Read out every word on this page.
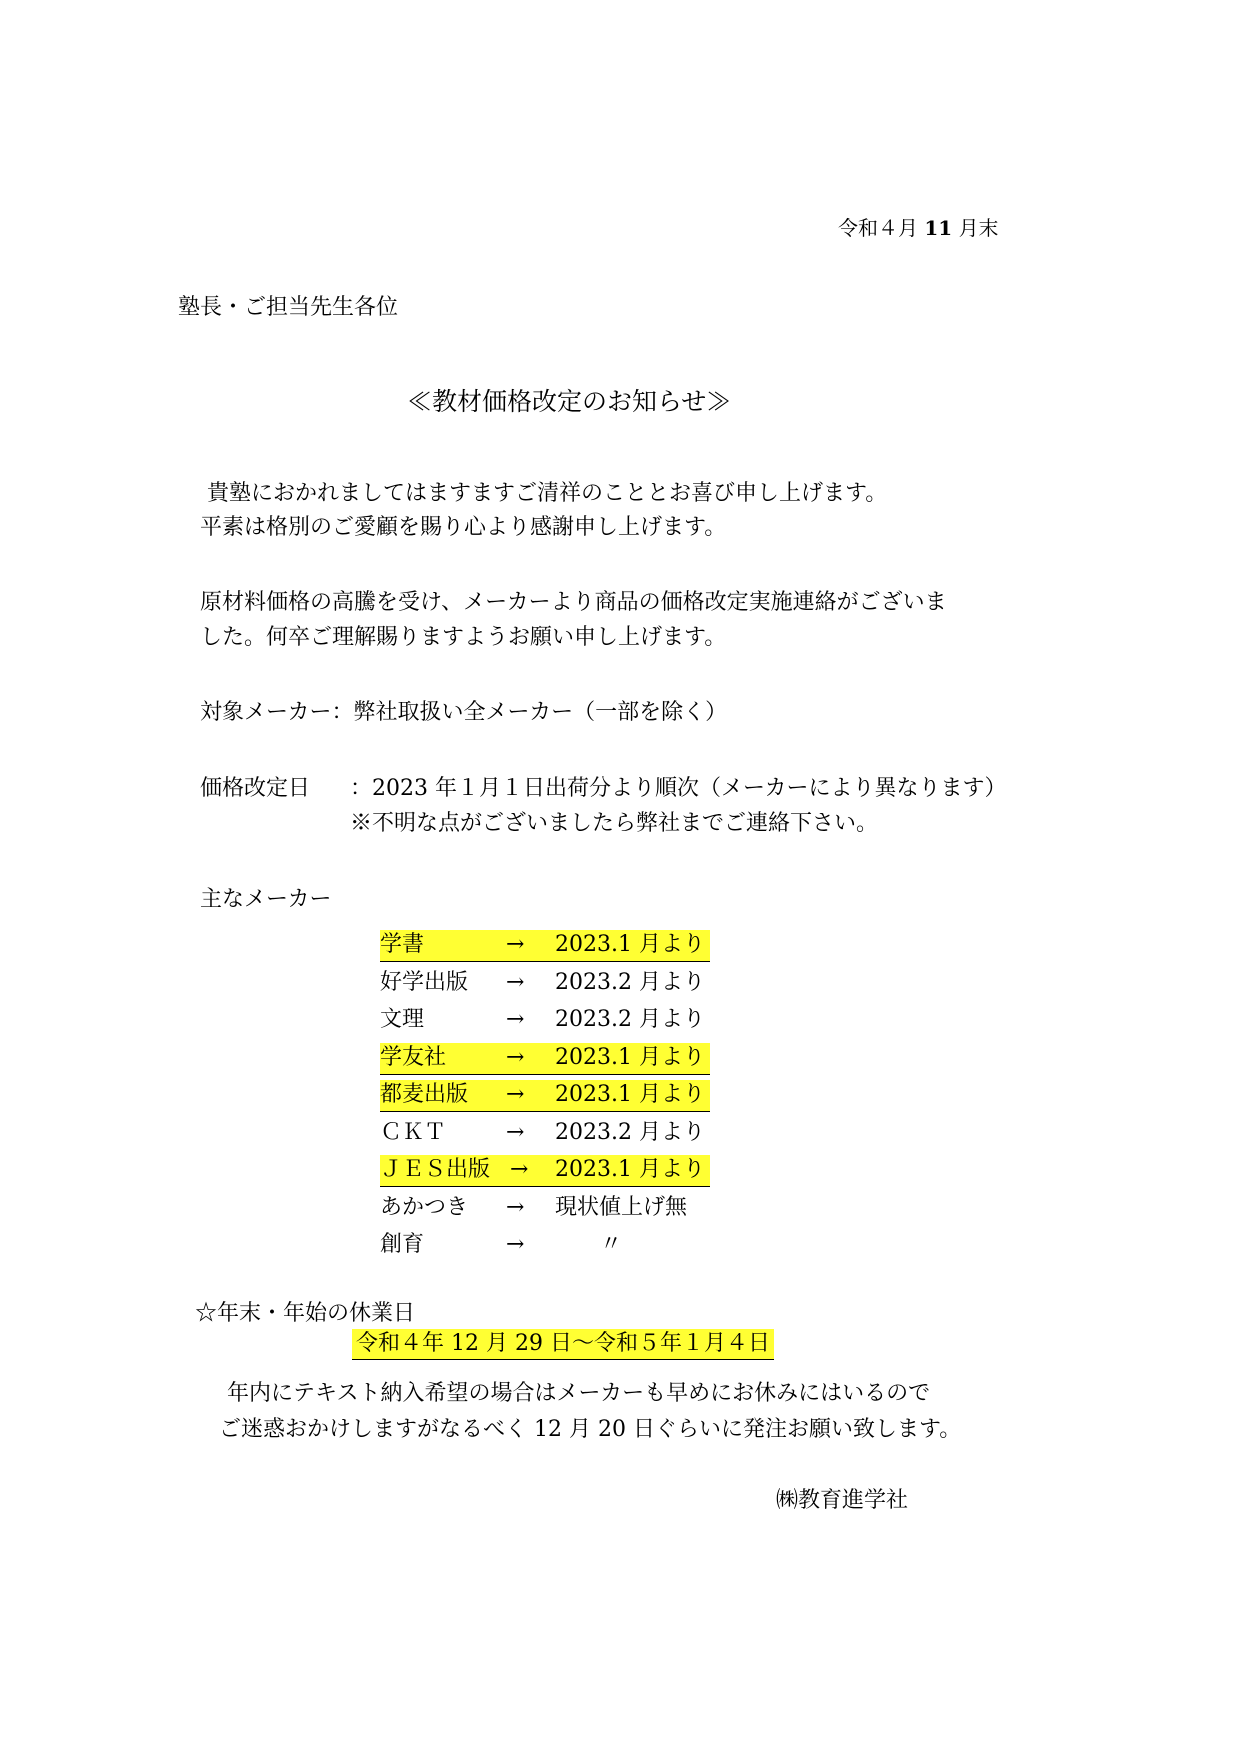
令和４月 11 月末
塾長・ご担当先生各位
≪教材価格改定のお知らせ≫
貴塾におかれましてはますますご清祥のこととお喜び申し上げます。
平素は格別のご愛顧を賜り心より感謝申し上げます。
原材料価格の高騰を受け、メーカーより商品の価格改定実施連絡がございま
した。何卒ご理解賜りますようお願い申し上げます。
対象メーカー：弊社取扱い全メーカー（一部を除く）
価格改定日 ：2023 年１月１日出荷分より順次（メーカーにより異なります）
※不明な点がございましたら弊社までご連絡下さい。
主なメーカー
学書	→ 2023.1 月より
好学出版 → 2023.2 月より
文理	→ 2023.2 月より
学友社	→ 2023.1 月より
都麦出版 → 2023.1 月より
ＣＫＴ	→ 2023.2 月より
ＪＥＳ出版 → 2023.1 月より
あかつき → 現状値上げ無
創育	→	〃
☆年末・年始の休業日
令和４年 12 月 29 日～令和５年１月４日
年内にテキスト納入希望の場合はメーカーも早めにお休みにはいるので
ご迷惑おかけしますがなるべく 12 月 20 日ぐらいに発注お願い致します。
㈱教育進学社
